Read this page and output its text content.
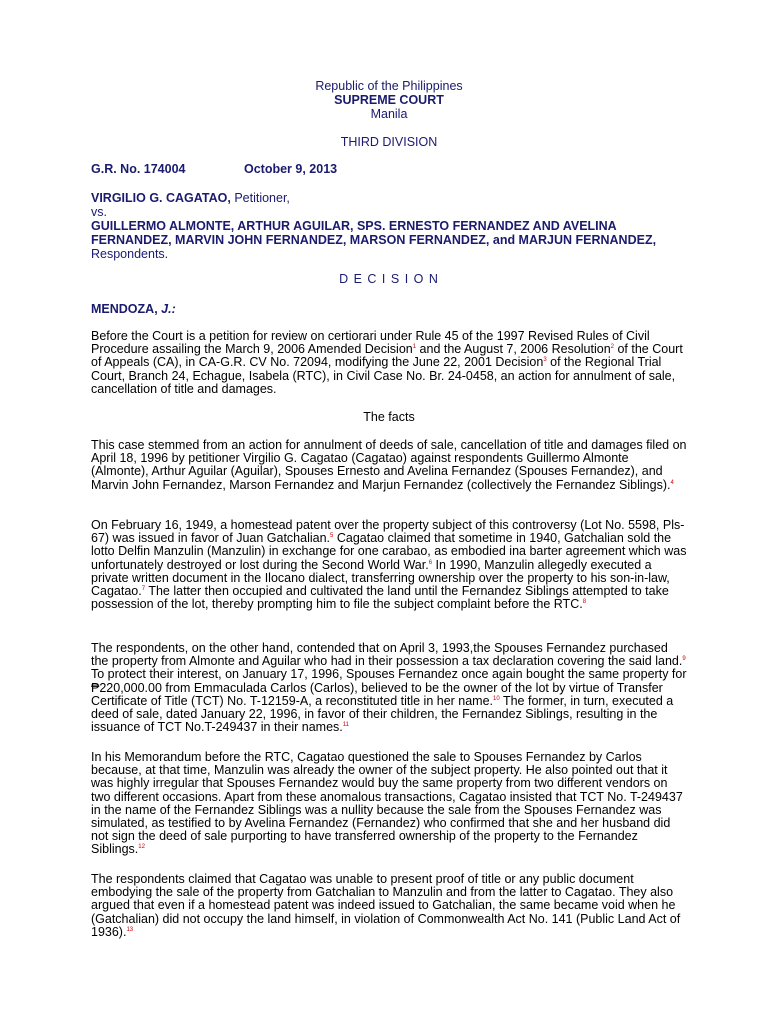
Republic of the Philippines
SUPREME COURT
Manila
THIRD DIVISION
G.R. No. 174004	October 9, 2013
VIRGILIO G. CAGATAO, Petitioner,
vs.
GUILLERMO ALMONTE, ARTHUR AGUILAR, SPS. ERNESTO FERNANDEZ AND AVELINA FERNANDEZ, MARVIN JOHN FERNANDEZ, MARSON FERNANDEZ, and MARJUN FERNANDEZ, Respondents.
D E C I S I O N
MENDOZA, J.:

Before the Court is a petition for review on certiorari under Rule 45 of the 1997 Revised Rules of Civil Procedure assailing the March 9, 2006 Amended Decision$^1$ and the August 7, 2006 Resolution$^2$ of the Court of Appeals (CA), in CA-G.R. CV No. 72094, modifying the June 22, 2001 Decision$^3$ of the Regional Trial Court, Branch 24, Echague, Isabela (RTC), in Civil Case No. Br. 24-0458, an action for annulment of sale, cancellation of title and damages.

The facts

This case stemmed from an action for annulment of deeds of sale, cancellation of title and damages filed on April 18, 1996 by petitioner Virgilio G. Cagatao (Cagatao) against respondents Guillermo Almonte (Almonte), Arthur Aguilar (Aguilar), Spouses Ernesto and Avelina Fernandez (Spouses Fernandez), and Marvin John Fernandez, Marson Fernandez and Marjun Fernandez (collectively the Fernandez Siblings).$^4$

On February 16, 1949, a homestead patent over the property subject of this controversy (Lot No. 5598, Pls-67) was issued in favor of Juan Gatchalian.$^5$ Cagatao claimed that sometime in 1940, Gatchalian sold the lotto Delfin Manzulin (Manzulin) in exchange for one carabao, as embodied ina barter agreement which was unfortunately destroyed or lost during the Second World War.$^6$ In 1990, Manzulin allegedly executed a private written document in the Ilocano dialect, transferring ownership over the property to his son-in-law, Cagatao.$^7$ The latter then occupied and cultivated the land until the Fernandez Siblings attempted to take possession of the lot, thereby prompting him to file the subject complaint before the RTC.$^8$

The respondents, on the other hand, contended that on April 3, 1993,the Spouses Fernandez purchased the property from Almonte and Aguilar who had in their possession a tax declaration covering the said land.$^9$ To protect their interest, on January 17, 1996, Spouses Fernandez once again bought the same property for ₱220,000.00 from Emmaculada Carlos (Carlos), believed to be the owner of the lot by virtue of Transfer Certificate of Title (TCT) No. T-12159-A, a reconstituted title in her name.$^{10}$ The former, in turn, executed a deed of sale, dated January 22, 1996, in favor of their children, the Fernandez Siblings, resulting in the issuance of TCT No.T-249437 in their names.$^{11}$

In his Memorandum before the RTC, Cagatao questioned the sale to Spouses Fernandez by Carlos because, at that time, Manzulin was already the owner of the subject property. He also pointed out that it was highly irregular that Spouses Fernandez would buy the same property from two different vendors on two different occasions. Apart from these anomalous transactions, Cagatao insisted that TCT No. T-249437 in the name of the Fernandez Siblings was a nullity because the sale from the Spouses Fernandez was simulated, as testified to by Avelina Fernandez (Fernandez) who confirmed that she and her husband did not sign the deed of sale purporting to have transferred ownership of the property to the Fernandez Siblings.$^{12}$

The respondents claimed that Cagatao was unable to present proof of title or any public document embodying the sale of the property from Gatchalian to Manzulin and from the latter to Cagatao. They also argued that even if a homestead patent was indeed issued to Gatchalian, the same became void when he (Gatchalian) did not occupy the land himself, in violation of Commonwealth Act No. 141 (Public Land Act of 1936).$^{13}$
